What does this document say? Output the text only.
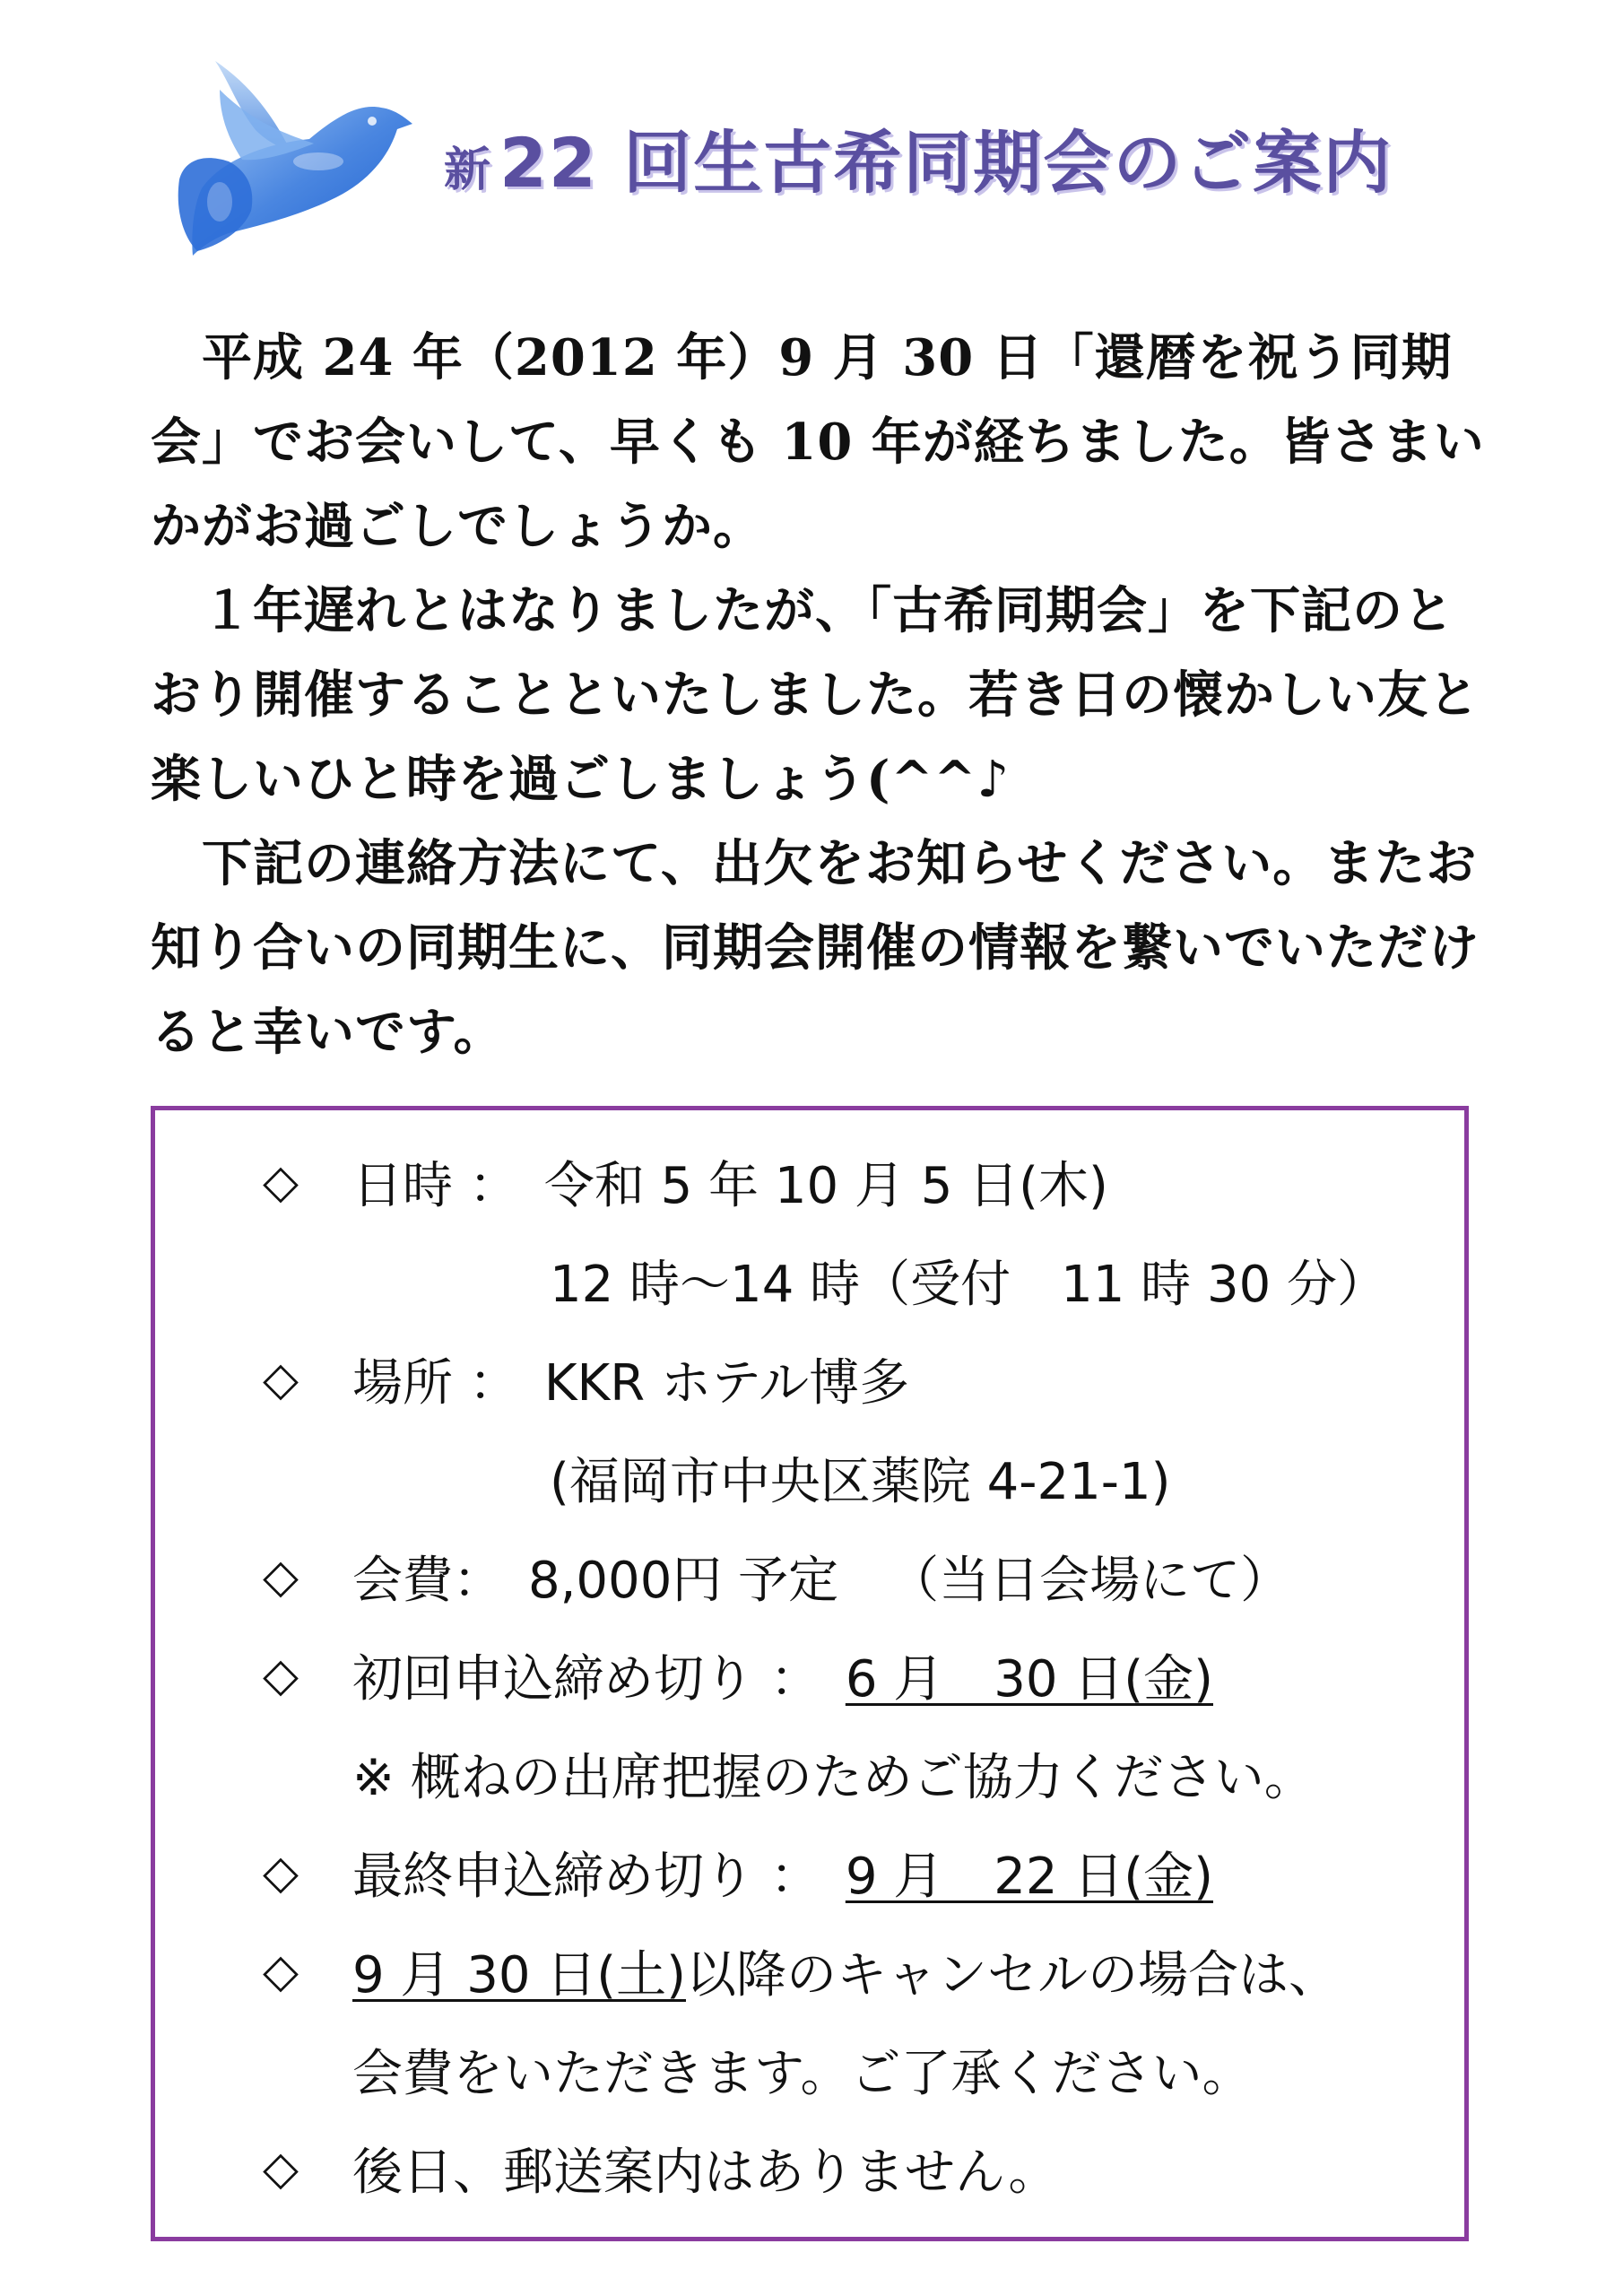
新 22 回生古希同期会のご案内

　平成 24 年（2012 年）9 月 30 日「還暦を祝う同期会」でお会いして、早くも 10 年が経ちました。皆さまいかがお過ごしでしょうか。

　１年遅れとはなりましたが、「古希同期会」を下記のとおり開催することといたしました。若き日の懐かしい友と楽しいひと時を過ごしましょう(^^♪

　下記の連絡方法にて、出欠をお知らせください。またお知り合いの同期生に、同期会開催の情報を繋いでいただけると幸いです。

◇ 日時 ： 令和 5 年 10 月 5 日(木)
12 時～14 時（受付　11 時 30 分）
◇ 場所 ： KKR ホテル博多
(福岡市中央区薬院 4-21-1)
◇ 会費： 8,000円 予定 （当日会場にて）
◇ 初回申込締め切り ： 6 月　30 日(金)
※ 概ねの出席把握のためご協力ください。
◇ 最終申込締め切り ： 9 月　22 日(金)
◇ 9 月 30 日(土) 以降のキャンセルの場合は、
会費をいただきます。ご了承ください。
◇ 後日、郵送案内はありません。
